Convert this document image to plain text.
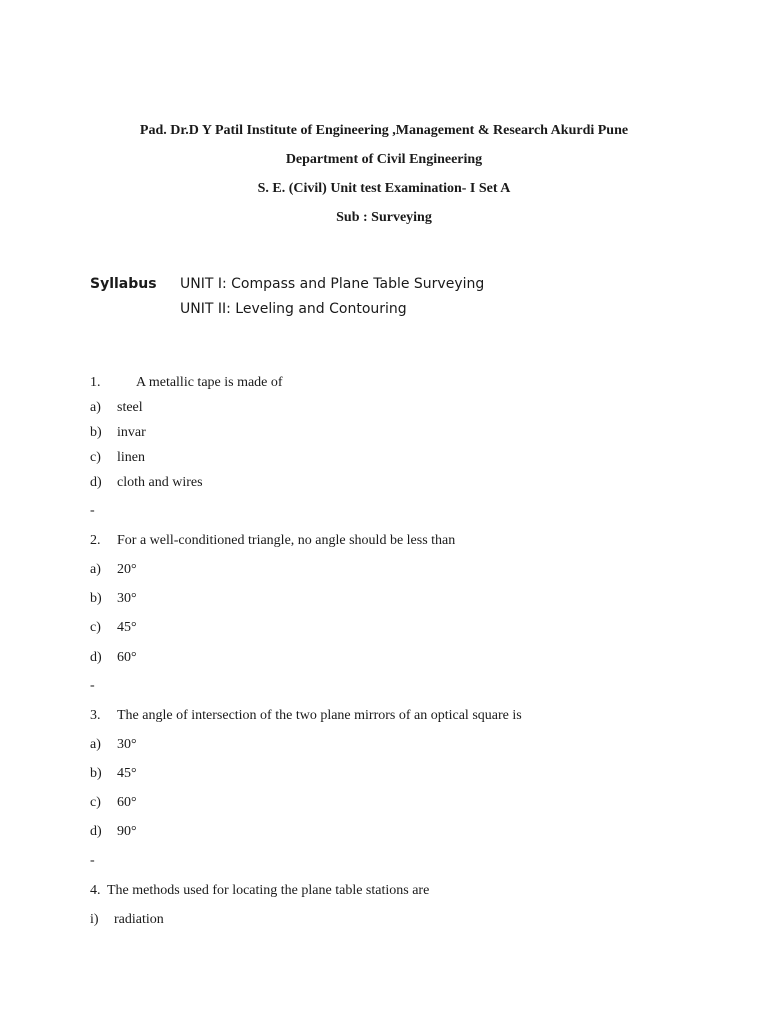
Pad. Dr.D Y Patil Institute of Engineering ,Management & Research Akurdi Pune
Department of Civil Engineering
S. E. (Civil) Unit test Examination- I Set A
Sub : Surveying
Syllabus UNIT I: Compass and Plane Table Surveying
UNIT II: Leveling and Contouring
1.	A metallic tape is made of
a) steel
b) invar
c) linen
d) cloth and wires
-
2. For a well-conditioned triangle, no angle should be less than
a) 20°
b) 30°
c) 45°
d) 60°
-
3. The angle of intersection of the two plane mirrors of an optical square is
a) 30°
b) 45°
c) 60°
d) 90°
-
4. The methods used for locating the plane table stations are
i) radiation
